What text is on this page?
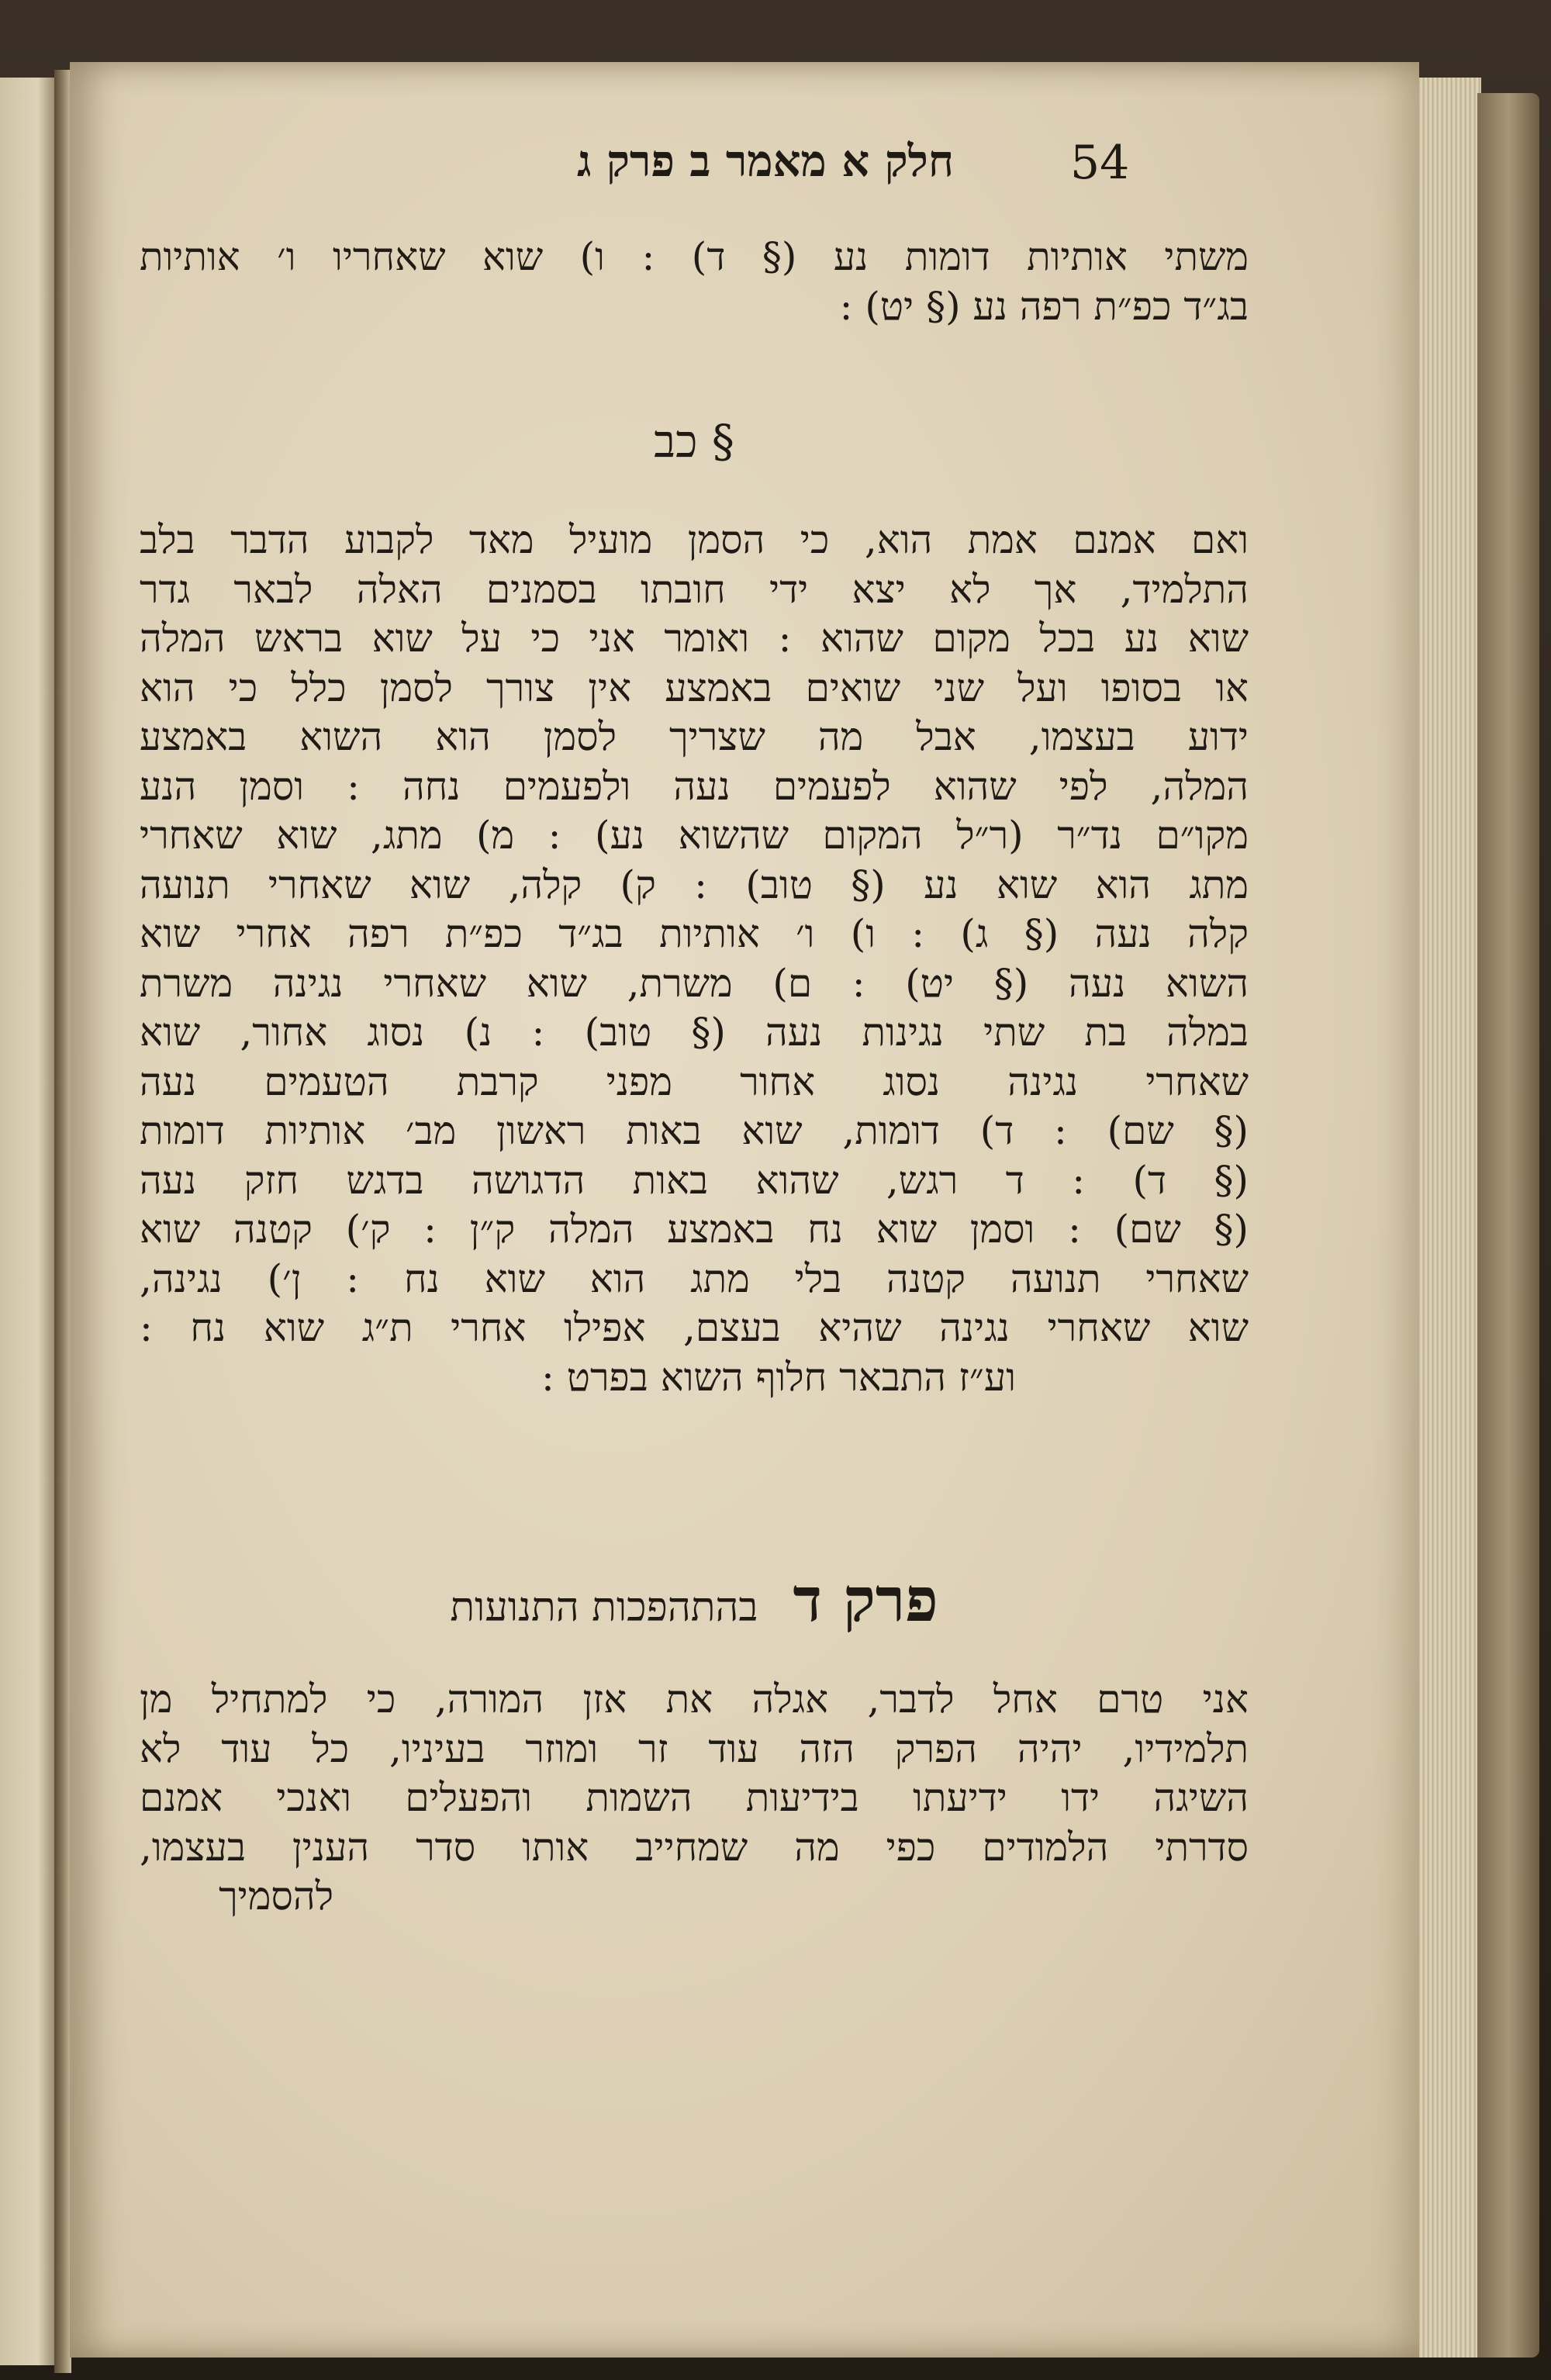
חלק א מאמר ב פרק ג	54
משתי אותיות דומות נע (§ ד) : ו) שוא שאחריו ו׳ אותיות
בג״ד כפ״ת רפה נע (§ יט) :
§ כב
ואם אמנם אמת הוא, כי הסמן מועיל מאד לקבוע הדבר בלב
התלמיד, אך לא יצא ידי חובתו בסמנים האלה לבאר גדר
שוא נע בכל מקום שהוא : ואומר אני כי על שוא בראש המלה
או בסופו ועל שני שואים באמצע אין צורך לסמן כלל כי הוא
ידוע בעצמו, אבל מה שצריך לסמן הוא השוא באמצע
המלה, לפי שהוא לפעמים נעה ולפעמים נחה : וסמן הנע
מקו״ם נד״ר (ר״ל המקום שהשוא נע) : מ) מתג, שוא שאחרי
מתג הוא שוא נע (§ טוב) : ק) קלה, שוא שאחרי תנועה
קלה נעה (§ ג) : ו) ו׳ אותיות בג״ד כפ״ת רפה אחרי שוא
השוא נעה (§ יט) : ם) משרת, שוא שאחרי נגינה משרת
במלה בת שתי נגינות נעה (§ טוב) : נ) נסוג אחור, שוא
שאחרי נגינה נסוג אחור מפני קרבת הטעמים נעה
(§ שם) : ד) דומות, שוא באות ראשון מב׳ אותיות דומות
(§ ד) : ד רגש, שהוא באות הדגושה בדגש חזק נעה
(§ שם) : וסמן שוא נח באמצע המלה ק״ן : ק׳) קטנה שוא
שאחרי תנועה קטנה בלי מתג הוא שוא נח : ן׳) נגינה,
שוא שאחרי נגינה שהיא בעצם, אפילו אחרי ת״ג שוא נח :
וע״ז התבאר חלוף השוא בפרט :
פרק ד בהתהפכות התנועות
אני טרם אחל לדבר, אגלה את אזן המורה, כי למתחיל מן
תלמידיו, יהיה הפרק הזה עוד זר ומוזר בעיניו, כל עוד לא
השיגה ידו ידיעתו בידיעות השמות והפעלים ואנכי אמנם
סדרתי הלמודים כפי מה שמחייב אותו סדר הענין בעצמו,
להסמיך
